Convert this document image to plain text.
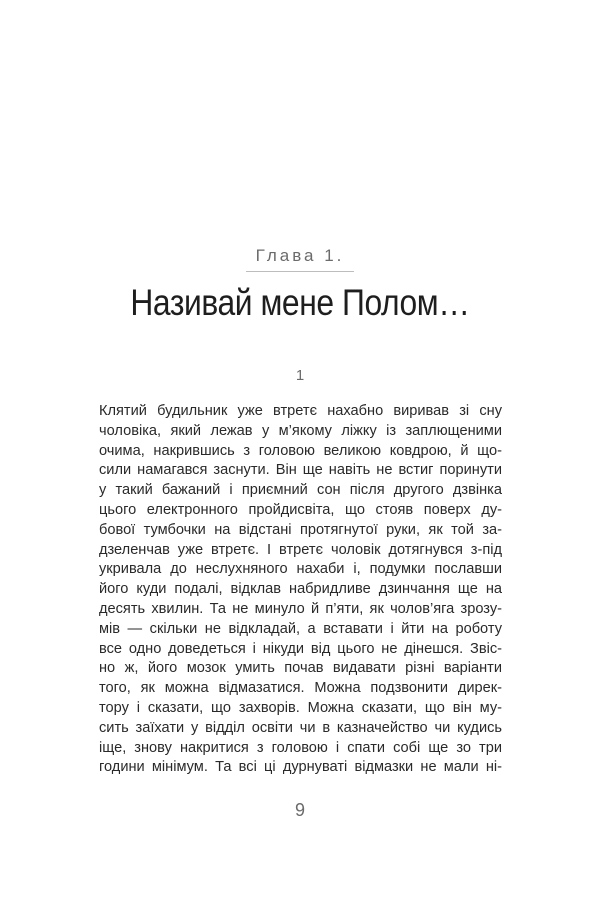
Глава 1.
Називай мене Полом…
1
Клятий будильник уже втретє нахабно виривав зі сну
чоловіка, який лежав у м’якому ліжку із заплющеними
очима, накрившись з головою великою ковдрою, й що-
сили намагався заснути. Він ще навіть не встиг поринути
у такий бажаний і приємний сон після другого дзвінка
цього електронного пройдисвіта, що стояв поверх ду-
бової тумбочки на відстані протягнутої руки, як той за-
дзеленчав уже втретє. І втретє чоловік дотягнувся з-під
укривала до неслухняного нахаби і, подумки пославши
його куди подалі, відклав набридливе дзинчання ще на
десять хвилин. Та не минуло й п’яти, як чолов’яга зрозу-
мів — скільки не відкладай, а вставати і йти на роботу
все одно доведеться і нікуди від цього не дінешся. Звіс-
но ж, його мозок умить почав видавати різні варіанти
того, як можна відмазатися. Можна подзвонити дирек-
тору і сказати, що захворів. Можна сказати, що він му-
сить заїхати у відділ освіти чи в казначейство чи кудись
іще, знову накритися з головою і спати собі ще зо три
години мінімум. Та всі ці дурнуваті відмазки не мали ні-
9
